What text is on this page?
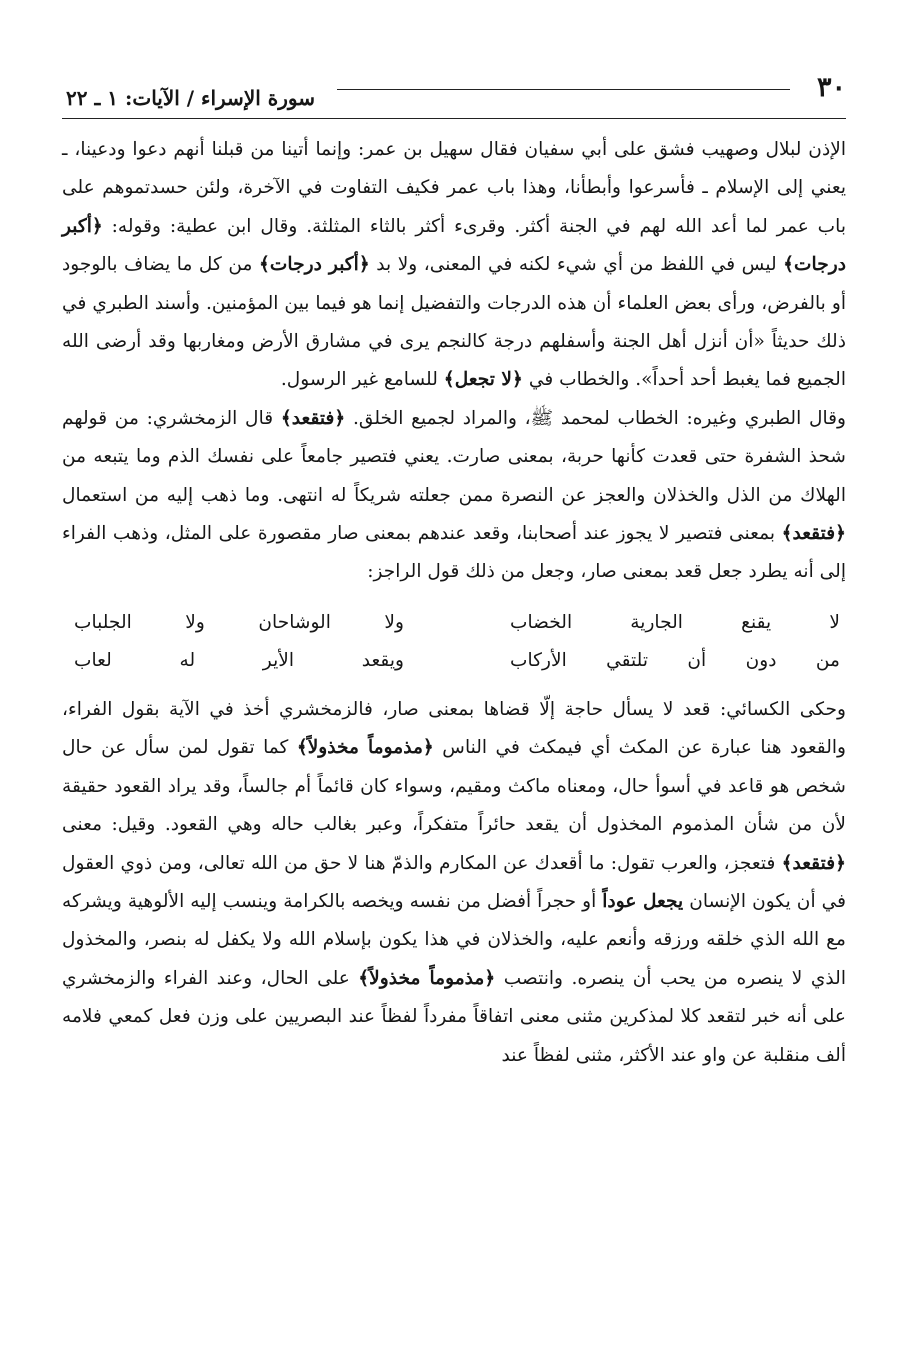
٣٠
سورة الإسراء / الآيات: ١ ـ ٢٢

الإذن لبلال وصهيب فشق على أبي سفيان فقال سهيل بن عمر: وإنما أتينا من قبلنا أنهم دعوا ودعينا، ـ يعني إلى الإسلام ـ فأسرعوا وأبطأنا، وهذا باب عمر فكيف التفاوت في الآخرة، ولئن حسدتموهم على باب عمر لما أعد الله لهم في الجنة أكثر. وقرىء أكثر بالثاء المثلثة. وقال ابن عطية: وقوله: ﴿أكبر درجات﴾ ليس في اللفظ من أي شيء لكنه في المعنى، ولا بد ﴿أكبر درجات﴾ من كل ما يضاف بالوجود أو بالفرض، ورأى بعض العلماء أن هذه الدرجات والتفضيل إنما هو فيما بين المؤمنين. وأسند الطبري في ذلك حديثاً «أن أنزل أهل الجنة وأسفلهم درجة كالنجم يرى في مشارق الأرض ومغاربها وقد أرضى الله الجميع فما يغبط أحد أحداً». والخطاب في ﴿لا تجعل﴾ للسامع غير الرسول.

وقال الطبري وغيره: الخطاب لمحمد ﷺ، والمراد لجميع الخلق. ﴿فتقعد﴾ قال الزمخشري: من قولهم شحذ الشفرة حتى قعدت كأنها حربة، بمعنى صارت. يعني فتصير جامعاً على نفسك الذم وما يتبعه من الهلاك من الذل والخذلان والعجز عن النصرة ممن جعلته شريكاً له انتهى. وما ذهب إليه من استعمال ﴿فتقعد﴾ بمعنى فتصير لا يجوز عند أصحابنا، وقعد عندهم بمعنى صار مقصورة على المثل، وذهب الفراء إلى أنه يطرد جعل قعد بمعنى صار، وجعل من ذلك قول الراجز:

لا يقنع الجارية الخضاب
ولا الوشاحان ولا الجلباب
من دون أن تلتقي الأركاب
ويقعد الأير له لعاب

وحكى الكسائي: قعد لا يسأل حاجة إلّا قضاها بمعنى صار، فالزمخشري أخذ في الآية بقول الفراء، والقعود هنا عبارة عن المكث أي فيمكث في الناس ﴿مذموماً مخذولاً﴾ كما تقول لمن سأل عن حال شخص هو قاعد في أسوأ حال، ومعناه ماكث ومقيم، وسواء كان قائماً أم جالساً، وقد يراد القعود حقيقة لأن من شأن المذموم المخذول أن يقعد حائراً متفكراً، وعبر بغالب حاله وهي القعود. وقيل: معنى ﴿فتقعد﴾ فتعجز، والعرب تقول: ما أقعدك عن المكارم والذمّ هنا لا حق من الله تعالى، ومن ذوي العقول في أن يكون الإنسان يجعل عوداً أو حجراً أفضل من نفسه ويخصه بالكرامة وينسب إليه الألوهية ويشركه مع الله الذي خلقه ورزقه وأنعم عليه، والخذلان في هذا يكون بإسلام الله ولا يكفل له بنصر، والمخذول الذي لا ينصره من يحب أن ينصره. وانتصب ﴿مذموماً مخذولاً﴾ على الحال، وعند الفراء والزمخشري على أنه خبر لتقعد كلا لمذكرين مثنى معنى اتفاقاً مفرداً لفظاً عند البصريين على وزن فعل كمعي فلامه ألف منقلبة عن واو عند الأكثر، مثنى لفظاً عند
